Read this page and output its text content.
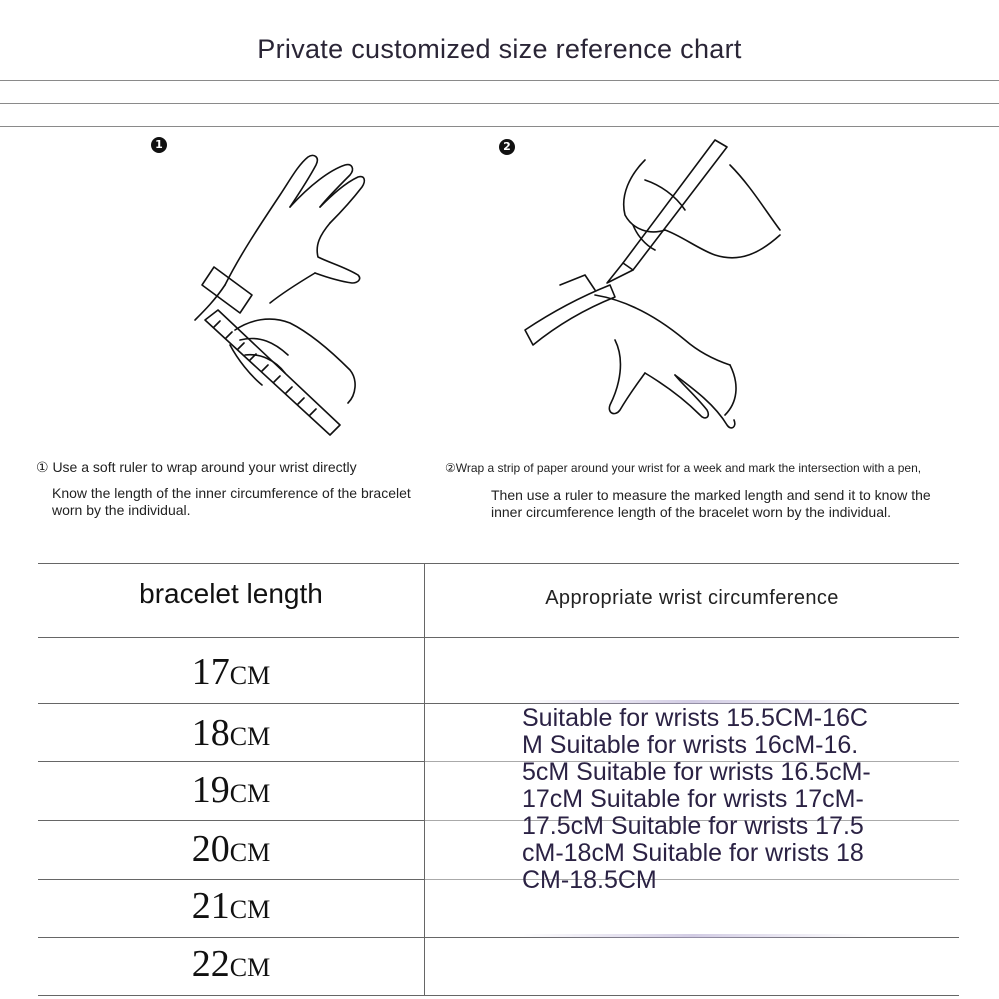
Private customized size reference chart
1
① Use a soft ruler to wrap around your wrist directly
Know the length of the inner circumference of the bracelet worn by the individual.
2
②Wrap a strip of paper around your wrist for a week and mark the intersection with a pen,
Then use a ruler to measure the marked length and send it to know the inner circumference length of the bracelet worn by the individual.
bracelet length	Appropriate wrist circumference
17CM
18CM
19CM
20CM
21CM
22CM
Suitable for wrists 15.5CM-16CM Suitable for wrists 16cM-16.5cM Suitable for wrists 16.5cM-17cM Suitable for wrists 17cM-17.5cM Suitable for wrists 17.5cM-18cM Suitable for wrists 18CM-18.5CM
